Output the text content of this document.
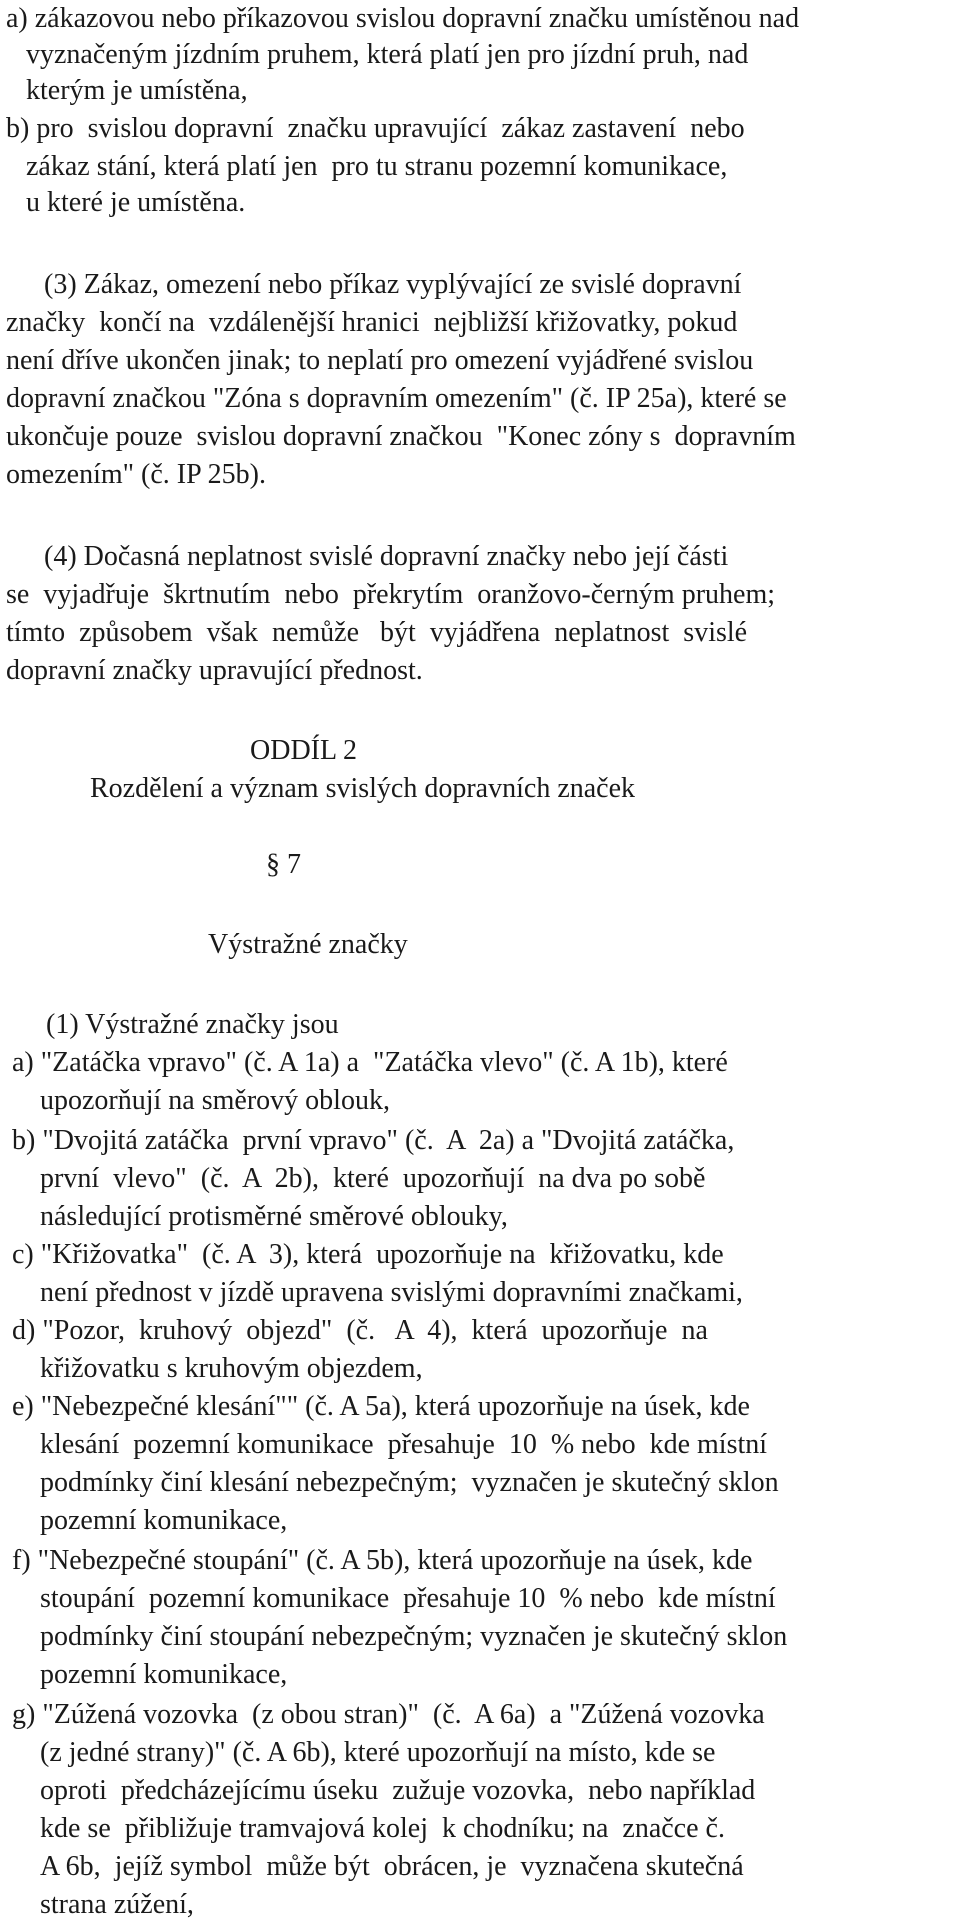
a) zákazovou nebo příkazovou svislou dopravní značku umístěnou nad
vyznačeným jízdním pruhem, která platí jen pro jízdní pruh, nad
kterým je umístěna,
b) pro  svislou dopravní  značku upravující  zákaz zastavení  nebo
zákaz stání, která platí jen  pro tu stranu pozemní komunikace,
u které je umístěna.
(3) Zákaz, omezení nebo příkaz vyplývající ze svislé dopravní
značky  končí na  vzdálenější hranici  nejbližší křižovatky, pokud
není dříve ukončen jinak; to neplatí pro omezení vyjádřené svislou
dopravní značkou "Zóna s dopravním omezením" (č. IP 25a), které se
ukončuje pouze  svislou dopravní značkou  "Konec zóny s  dopravním
omezením" (č. IP 25b).
(4) Dočasná neplatnost svislé dopravní značky nebo její části
se  vyjadřuje  škrtnutím  nebo  překrytím  oranžovo-černým pruhem;
tímto  způsobem  však  nemůže   být  vyjádřena  neplatnost  svislé
dopravní značky upravující přednost.
ODDÍL 2
Rozdělení a význam svislých dopravních značek
§ 7
Výstražné značky
(1) Výstražné značky jsou
a) "Zatáčka vpravo" (č. A 1a) a  "Zatáčka vlevo" (č. A 1b), které
upozorňují na směrový oblouk,
b) "Dvojitá zatáčka  první vpravo" (č.  A  2a) a "Dvojitá zatáčka,
první  vlevo"  (č.  A  2b),  které  upozorňují  na dva po sobě
následující protisměrné směrové oblouky,
c) "Křižovatka"  (č. A  3), která  upozorňuje na  křižovatku, kde
není přednost v jízdě upravena svislými dopravními značkami,
d) "Pozor,  kruhový  objezd"  (č.   A  4),  která  upozorňuje  na
křižovatku s kruhovým objezdem,
e) "Nebezpečné klesání"" (č. A 5a), která upozorňuje na úsek, kde
klesání  pozemní komunikace  přesahuje  10  % nebo  kde místní
podmínky činí klesání nebezpečným;  vyznačen je skutečný sklon
pozemní komunikace,
f) "Nebezpečné stoupání" (č. A 5b), která upozorňuje na úsek, kde
stoupání  pozemní komunikace  přesahuje 10  % nebo  kde místní
podmínky činí stoupání nebezpečným; vyznačen je skutečný sklon
pozemní komunikace,
g) "Zúžená vozovka  (z obou stran)"  (č.  A 6a)  a "Zúžená vozovka
(z jedné strany)" (č. A 6b), které upozorňují na místo, kde se
oproti  předcházejícímu úseku  zužuje vozovka,  nebo například
kde se  přibližuje tramvajová kolej  k chodníku; na  značce č.
A 6b,  jejíž symbol  může být  obrácen, je  vyznačena skutečná
strana zúžení,
